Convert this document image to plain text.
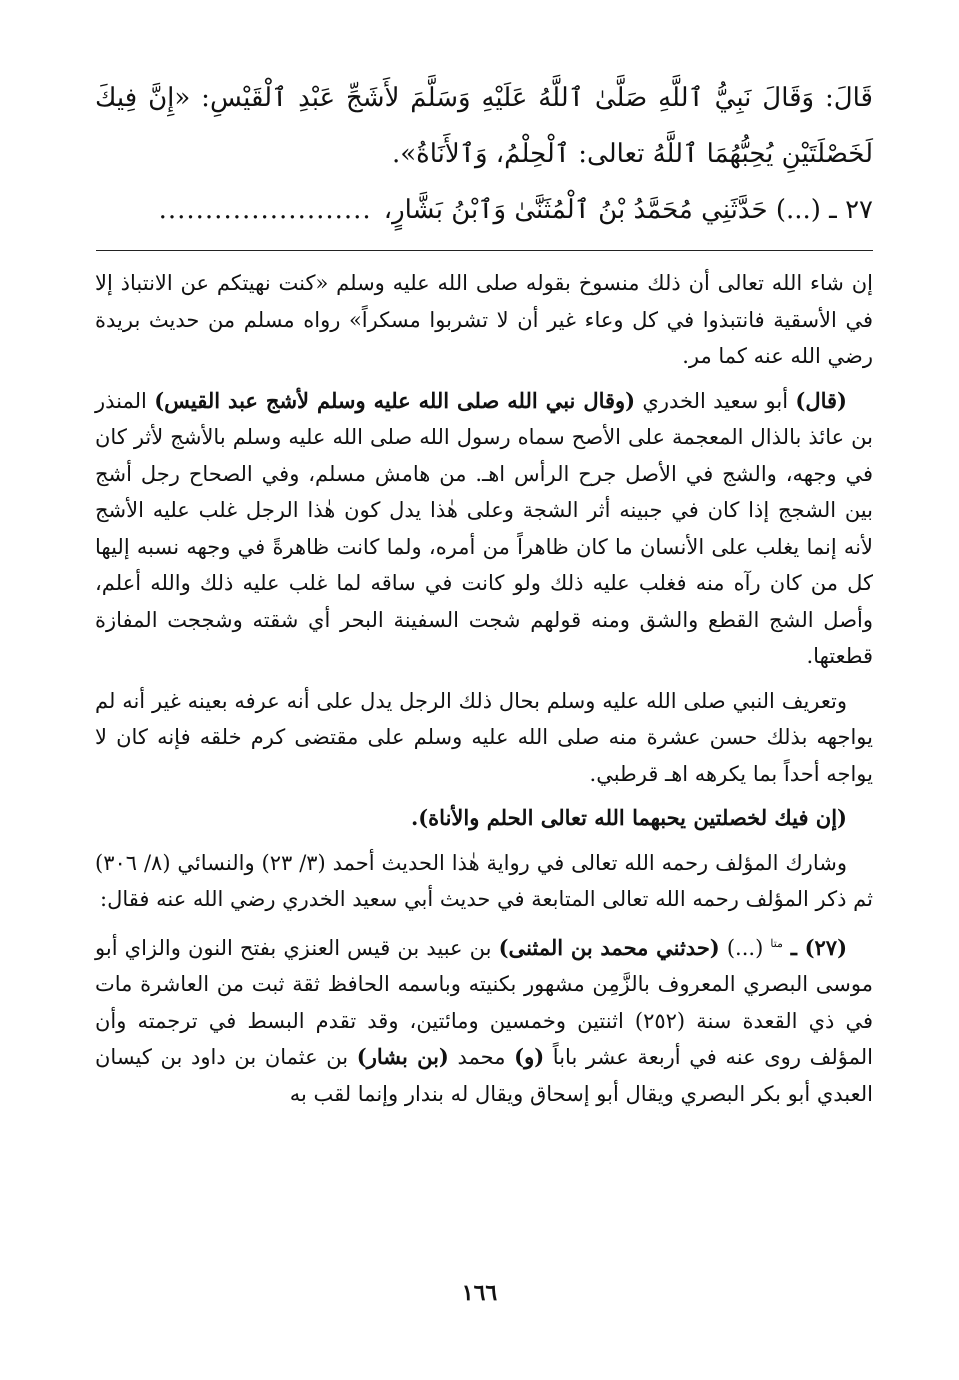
قَالَ: وَقَالَ نَبِيُّ ٱللَّهِ صَلَّىٰ ٱللَّهُ عَلَيْهِ وَسَلَّمَ لأَشَجِّ عَبْدِ ٱلْقَيْسِ: «إِنَّ فِيكَ لَخَصْلَتَيْنِ يُحِبُّهُمَا ٱللَّهُ تعالى: ٱلْحِلْمُ، وَٱلأَنَاةُ».

٢٧ ـ (...) حَدَّثَنِي مُحَمَّدُ بْنُ ٱلْمُثَنَّىٰ وَٱبْنُ بَشَّارٍ،.......................

إن شاء الله تعالى أن ذلك منسوخ بقوله صلى الله عليه وسلم «كنت نهيتكم عن الانتباذ إلا في الأسقية فانتبذوا في كل وعاء غير أن لا تشربوا مسكراً» رواه مسلم من حديث بريدة رضي الله عنه كما مر.

(قال) أبو سعيد الخدري (وقال نبي الله صلى الله عليه وسلم لأشج عبد القيس) المنذر بن عائذ بالذال المعجمة على الأصح سماه رسول الله صلى الله عليه وسلم بالأشج لأثر كان في وجهه، والشج في الأصل جرح الرأس اهـ. من هامش مسلم، وفي الصحاح رجل أشج بين الشجج إذا كان في جبينه أثر الشجة وعلى هٰذا يدل كون هٰذا الرجل غلب عليه الأشج لأنه إنما يغلب على الأنسان ما كان ظاهراً من أمره، ولما كانت ظاهرةً في وجهه نسبه إليها كل من كان رآه منه فغلب عليه ذلك ولو كانت في ساقه لما غلب عليه ذلك والله أعلم، وأصل الشج القطع والشق ومنه قولهم شجت السفينة البحر أي شقته وشججت المفازة قطعتها.

وتعريف النبي صلى الله عليه وسلم بحال ذلك الرجل يدل على أنه عرفه بعينه غير أنه لم يواجهه بذلك حسن عشرة منه صلى الله عليه وسلم على مقتضى كرم خلقه فإنه كان لا يواجه أحداً بما يكرهه اهـ قرطبي.

(إن فيك لخصلتين يحبهما الله تعالى الحلم والأناة).

وشارك المؤلف رحمه الله تعالى في رواية هٰذا الحديث أحمد (٣/ ٢٣) والنسائي (٨/ ٣٠٦) ثم ذكر المؤلف رحمه الله تعالى المتابعة في حديث أبي سعيد الخدري رضي الله عنه فقال:

(٢٧) ـ $^{متا}$ (...) (حدثني محمد بن المثنى) بن عبيد بن قيس العنزي بفتح النون والزاي أبو موسى البصري المعروف بالزَّمِن مشهور بكنيته وباسمه الحافظ ثقة ثبت من العاشرة مات في ذي القعدة سنة (٢٥٢) اثنتين وخمسين ومائتين، وقد تقدم البسط في ترجمته وأن المؤلف روى عنه في أربعة عشر باباً (و) محمد (بن بشار) بن عثمان بن داود بن كيسان العبدي أبو بكر البصري ويقال أبو إسحاق ويقال له بندار وإنما لقب به

١٦٦
